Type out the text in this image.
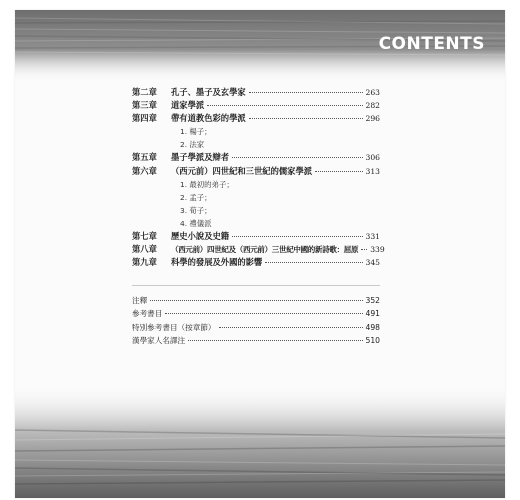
CONTENTS
第二章	孔子、墨子及玄學家	263
第三章	道家學派	282
第四章	帶有道教色彩的學派	296
1. 楊子；
2. 法家
第五章	墨子學派及辯者	306
第六章	（西元前）四世紀和三世紀的儒家學派	313
1. 最初的弟子；
2. 孟子；
3. 荀子；
4. 禮儀派
第七章	歷史小說及史籍	331
第八章	（西元前）四世紀及（西元前）三世紀中國的新詩歌：屈原 339
第九章	科學的發展及外國的影響	345
注釋	352
參考書目	491
特別參考書目（按章節）	498
漢學家人名譯注	510
